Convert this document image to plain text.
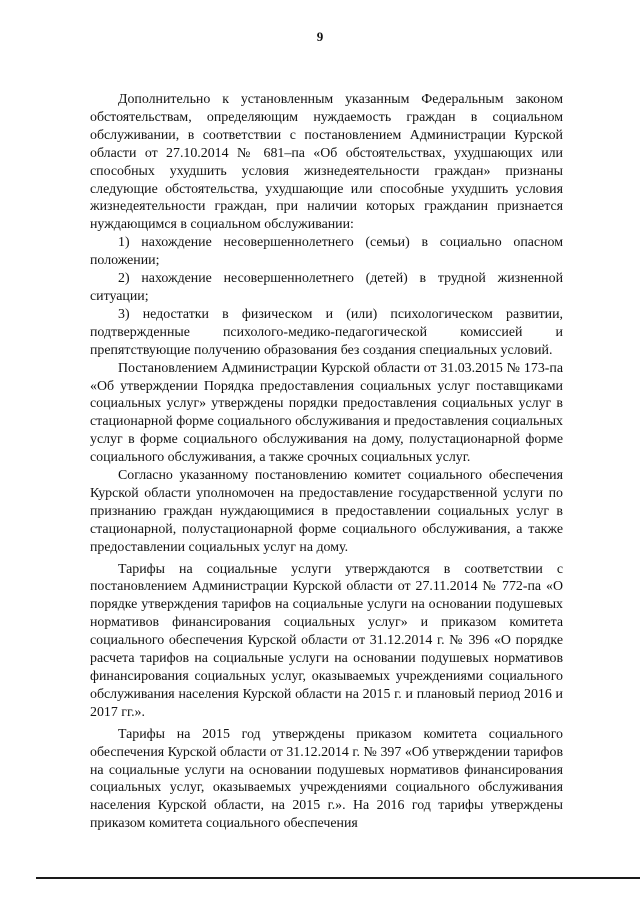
9

Дополнительно к установленным указанным Федеральным законом обстоятельствам, определяющим нуждаемость граждан в социальном обслуживании, в соответствии с постановлением Администрации Курской области от 27.10.2014 № 681–па «Об обстоятельствах, ухудшающих или способных ухудшить условия жизнедеятельности граждан» признаны следующие обстоятельства, ухудшающие или способные ухудшить условия жизнедеятельности граждан, при наличии которых гражданин признается нуждающимся в социальном обслуживании:

1) нахождение несовершеннолетнего (семьи) в социально опасном положении;

2) нахождение несовершеннолетнего (детей) в трудной жизненной ситуации;

3) недостатки в физическом и (или) психологическом развитии, подтвержденные психолого-медико-педагогической комиссией и препятствующие получению образования без создания специальных условий.

Постановлением Администрации Курской области от 31.03.2015 № 173-па «Об утверждении Порядка предоставления социальных услуг поставщиками социальных услуг» утверждены порядки предоставления социальных услуг в стационарной форме социального обслуживания и предоставления социальных услуг в форме социального обслуживания на дому, полустационарной форме социального обслуживания, а также срочных социальных услуг.

Согласно указанному постановлению комитет социального обеспечения Курской области уполномочен на предоставление государственной услуги по признанию граждан нуждающимися в предоставлении социальных услуг в стационарной, полустационарной форме социального обслуживания, а также предоставлении социальных услуг на дому.

Тарифы на социальные услуги утверждаются в соответствии с постановлением Администрации Курской области от 27.11.2014 № 772-па «О порядке утверждения тарифов на социальные услуги на основании подушевых нормативов финансирования социальных услуг» и приказом комитета социального обеспечения Курской области от 31.12.2014 г. № 396 «О порядке расчета тарифов на социальные услуги на основании подушевых нормативов финансирования социальных услуг, оказываемых учреждениями социального обслуживания населения Курской области на 2015 г. и плановый период 2016 и 2017 гг.».

Тарифы на 2015 год утверждены приказом комитета социального обеспечения Курской области от 31.12.2014 г. № 397 «Об утверждении тарифов на социальные услуги на основании подушевых нормативов финансирования социальных услуг, оказываемых учреждениями социального обслуживания населения Курской области, на 2015 г.». На 2016 год тарифы утверждены приказом комитета социального обеспечения
